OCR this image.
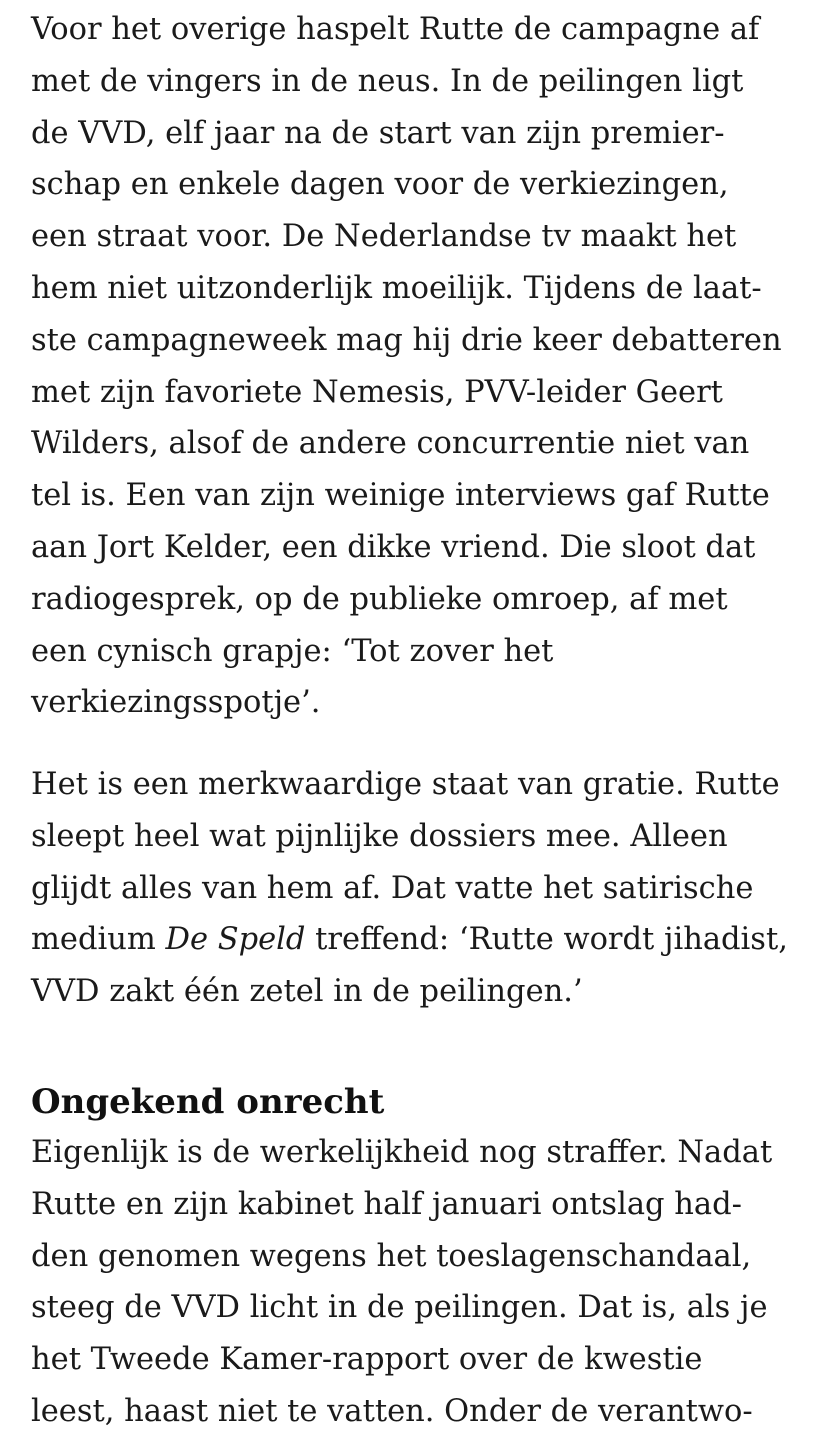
Voor het overige haspelt Rutte de campagne af
met de vingers in de neus. In de peilingen ligt
de VVD, elf jaar na de start van zijn premier-
schap en enkele dagen voor de verkiezingen,
een straat voor. De Nederlandse tv maakt het
hem niet uitzonderlijk moeilijk. Tijdens de laat-
ste campagneweek mag hij drie keer debatteren
met zijn favoriete Nemesis, PVV-leider Geert
Wilders, alsof de andere concurrentie niet van
tel is. Een van zijn weinige interviews gaf Rutte
aan Jort Kelder, een dikke vriend. Die sloot dat
radiogesprek, op de publieke omroep, af met
een cynisch grapje: ‘Tot zover het
verkiezingsspotje’.
Het is een merkwaardige staat van gratie. Rutte
sleept heel wat pijnlijke dossiers mee. Alleen
glijdt alles van hem af. Dat vatte het satirische
medium De Speld treffend: ‘Rutte wordt jihadist,
VVD zakt één zetel in de peilingen.’
Ongekend onrecht
Eigenlijk is de werkelijkheid nog straffer. Nadat
Rutte en zijn kabinet half januari ontslag had-
den genomen wegens het toeslagenschandaal,
steeg de VVD licht in de peilingen. Dat is, als je
het Tweede Kamer-rapport over de kwestie
leest, haast niet te vatten. Onder de verantwo-
